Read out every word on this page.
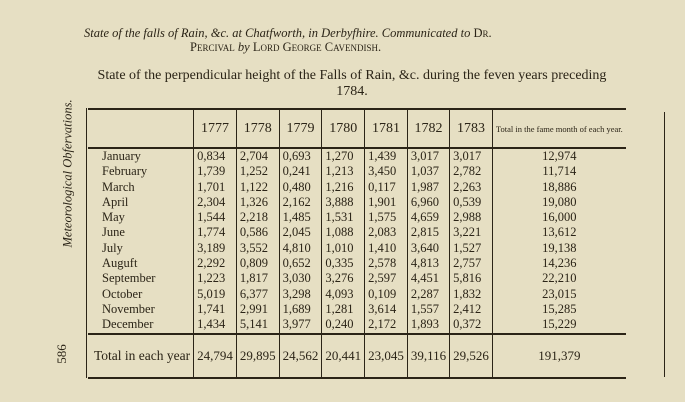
State of the falls of Rain, &c. at Chatfworth, in Derbyfhire. Communicated to Dr.
Percival by Lord George Cavendish.
State of the perpendicular height of the Falls of Rain, &c. during the feven years preceding 1784.
Meteorological Obfervations.
586
	1777	1778	1779	1780	1781	1782	1783	Total in the fame month of each year.
January	0,834	2,704	0,693	1,270	1,439	3,017	3,017	12,974
February	1,739	1,252	0,241	1,213	3,450	1,037	2,782	11,714
March	1,701	1,122	0,480	1,216	0,117	1,987	2,263	18,886
April	2,304	1,326	2,162	3,888	1,901	6,960	0,539	19,080
May	1,544	2,218	1,485	1,531	1,575	4,659	2,988	16,000
June	1,774	0,586	2,045	1,088	2,083	2,815	3,221	13,612
July	3,189	3,552	4,810	1,010	1,410	3,640	1,527	19,138
Auguft	2,292	0,809	0,652	0,335	2,578	4,813	2,757	14,236
September	1,223	1,817	3,030	3,276	2,597	4,451	5,816	22,210
October	5,019	6,377	3,298	4,093	0,109	2,287	1,832	23,015
November	1,741	2,991	1,689	1,281	3,614	1,557	2,412	15,285
December	1,434	5,141	3,977	0,240	2,172	1,893	0,372	15,229
Total in each year	24,794	29,895	24,562	20,441	23,045	39,116	29,526	191,379
